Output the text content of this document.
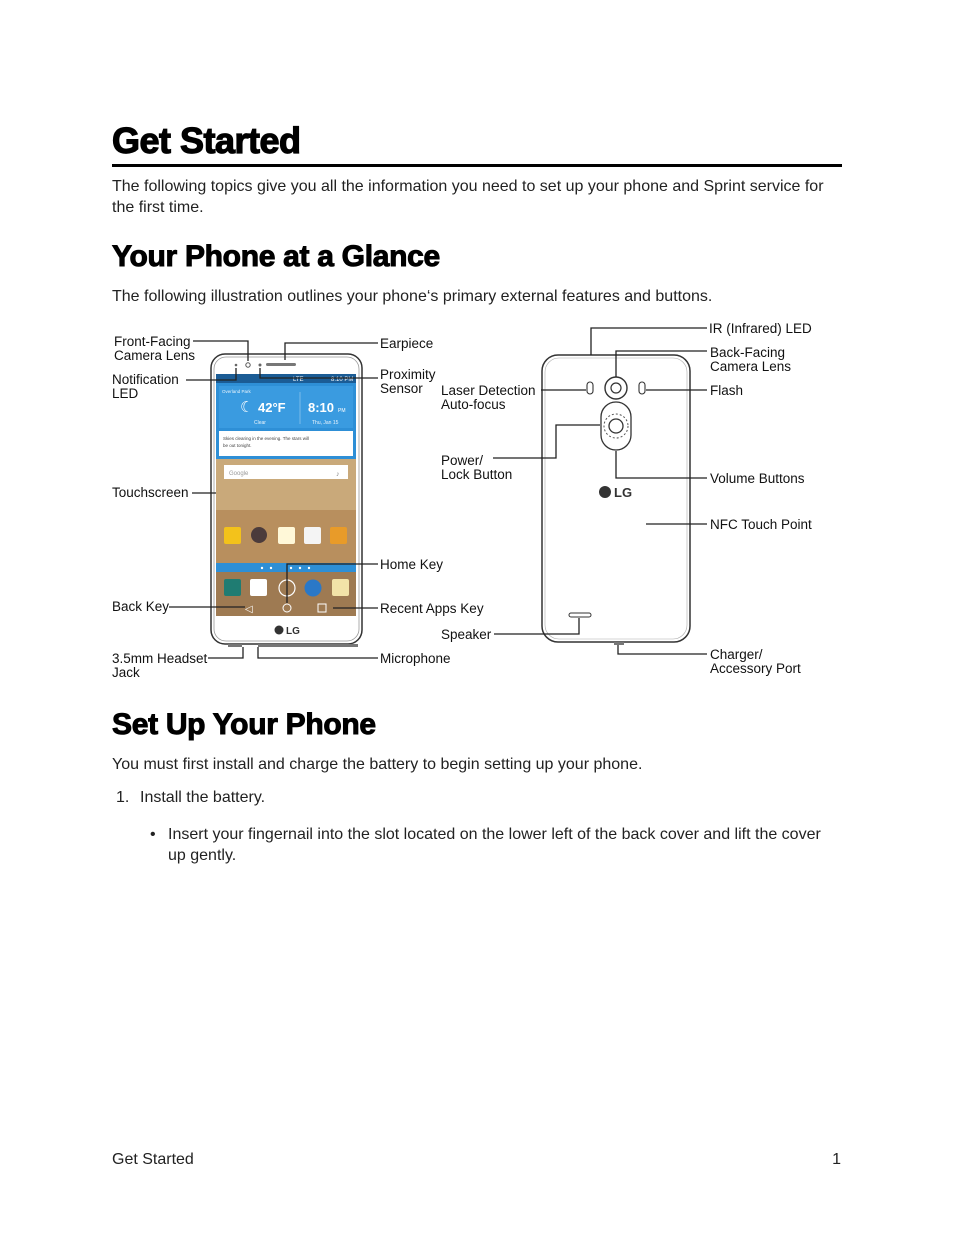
Get Started

The following topics give you all the information you need to set up your phone and Sprint service for the first time.

Your Phone at a Glance

The following illustration outlines your phone‘s primary external features and buttons.

LTE	8:10 PM
Overland Park
☾ 42°F
Clear
8:10 PM
Thu, Jan 15
Skies clearing in the evening. The stars will
be out tonight.
Google	♪
◁
LG
Front-Facing
Camera Lens
Notification
LED
Touchscreen
Back Key
3.5mm Headset
Jack
Earpiece
Proximity
Sensor
Home Key
Recent Apps Key
Microphone
LG
Laser Detection
Auto-focus
Power/
Lock Button
Speaker
IR (Infrared) LED
Back-Facing
Camera Lens
Flash
Volume Buttons
NFC Touch Point
Charger/
Accessory Port
Set Up Your Phone

You must first install and charge the battery to begin setting up your phone.

1. Install the battery.
• Insert your fingernail into the slot located on the lower left of the back cover and lift the cover up gently.
Get Started	1
